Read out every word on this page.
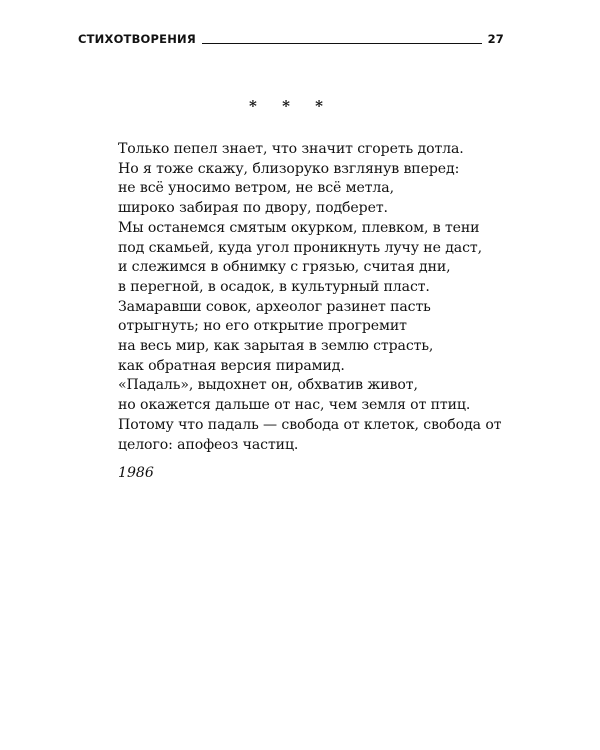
СТИХОТВОРЕНИЯ	27
* * *
Только пепел знает, что значит сгореть дотла.
Но я тоже скажу, близоруко взглянув вперед:
не всё уносимо ветром, не всё метла,
широко забирая по двору, подберет.
Мы останемся смятым окурком, плевком, в тени
под скамьей, куда угол проникнуть лучу не даст,
и слежимся в обнимку с грязью, считая дни,
в перегной, в осадок, в культурный пласт.
Замаравши совок, археолог разинет пасть
отрыгнуть; но его открытие прогремит
на весь мир, как зарытая в землю страсть,
как обратная версия пирамид.
«Падаль», выдохнет он, обхватив живот,
но окажется дальше от нас, чем земля от птиц.
Потому что падаль — свобода от клеток, свобода от
целого: апофеоз частиц.
1986
